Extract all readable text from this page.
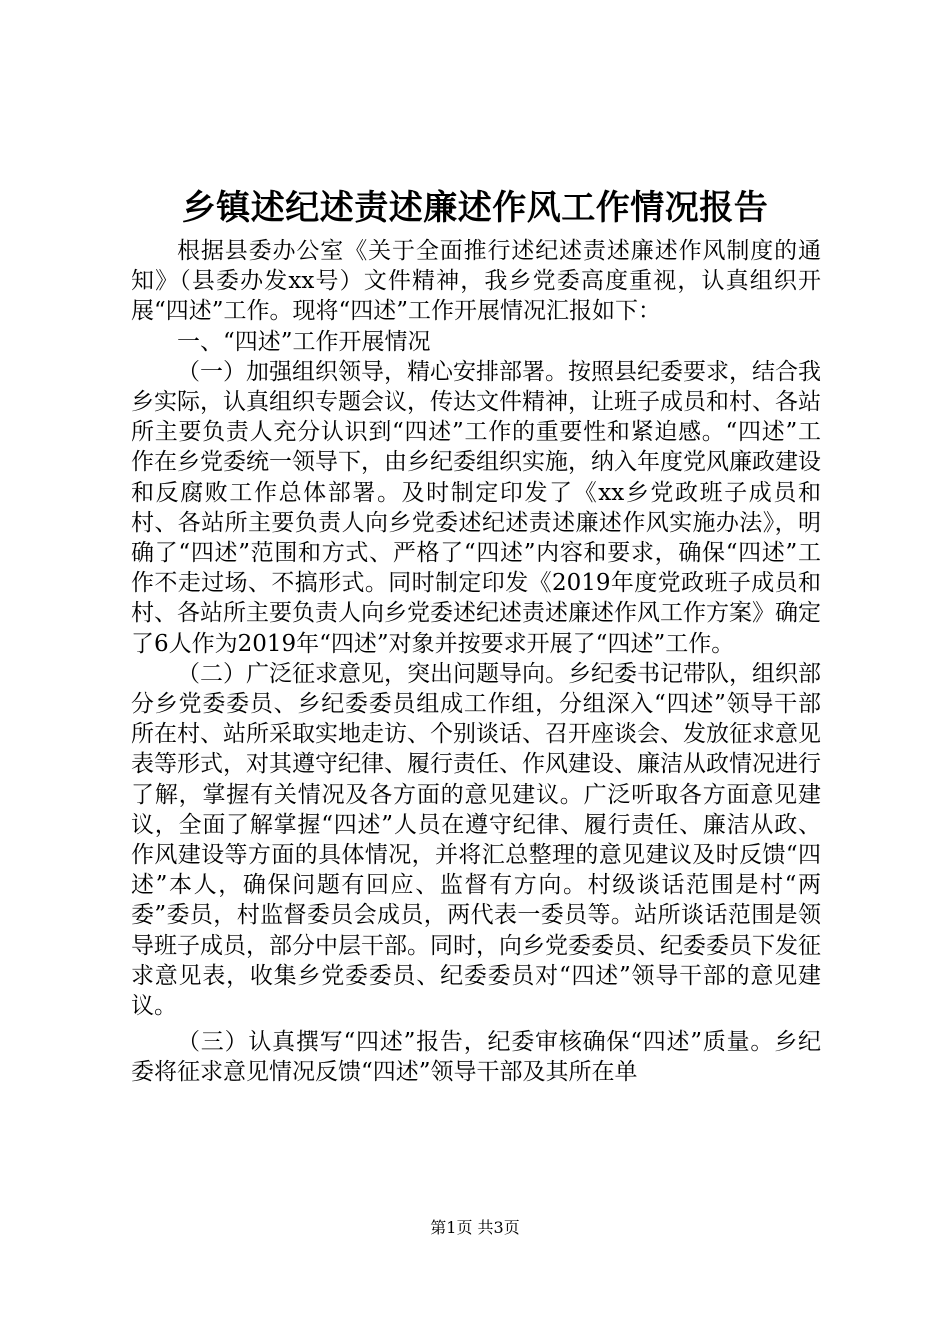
乡镇述纪述责述廉述作风工作情况报告

根据县委办公室《关于全面推行述纪述责述廉述作风制度的通知》（县委办发xx号）文件精神，我乡党委高度重视，认真组织开展“四述”工作。现将“四述”工作开展情况汇报如下：

一、“四述”工作开展情况

（一）加强组织领导，精心安排部署。按照县纪委要求，结合我乡实际，认真组织专题会议，传达文件精神，让班子成员和村、各站所主要负责人充分认识到“四述”工作的重要性和紧迫感。“四述”工作在乡党委统一领导下，由乡纪委组织实施，纳入年度党风廉政建设和反腐败工作总体部署。及时制定印发了《xx乡党政班子成员和村、各站所主要负责人向乡党委述纪述责述廉述作风实施办法》，明确了“四述”范围和方式、严格了“四述”内容和要求，确保“四述”工作不走过场、不搞形式。同时制定印发《2019年度党政班子成员和村、各站所主要负责人向乡党委述纪述责述廉述作风工作方案》确定了6人作为2019年“四述”对象并按要求开展了“四述”工作。

（二）广泛征求意见，突出问题导向。乡纪委书记带队，组织部分乡党委委员、乡纪委委员组成工作组，分组深入“四述”领导干部所在村、站所采取实地走访、个别谈话、召开座谈会、发放征求意见表等形式，对其遵守纪律、履行责任、作风建设、廉洁从政情况进行了解，掌握有关情况及各方面的意见建议。广泛听取各方面意见建议，全面了解掌握“四述”人员在遵守纪律、履行责任、廉洁从政、作风建设等方面的具体情况，并将汇总整理的意见建议及时反馈“四述”本人，确保问题有回应、监督有方向。村级谈话范围是村“两委”委员，村监督委员会成员，两代表一委员等。站所谈话范围是领导班子成员，部分中层干部。同时，向乡党委委员、纪委委员下发征求意见表，收集乡党委委员、纪委委员对“四述”领导干部的意见建议。

（三）认真撰写“四述”报告，纪委审核确保“四述”质量。乡纪委将征求意见情况反馈“四述”领导干部及其所在单

第1页 共3页
